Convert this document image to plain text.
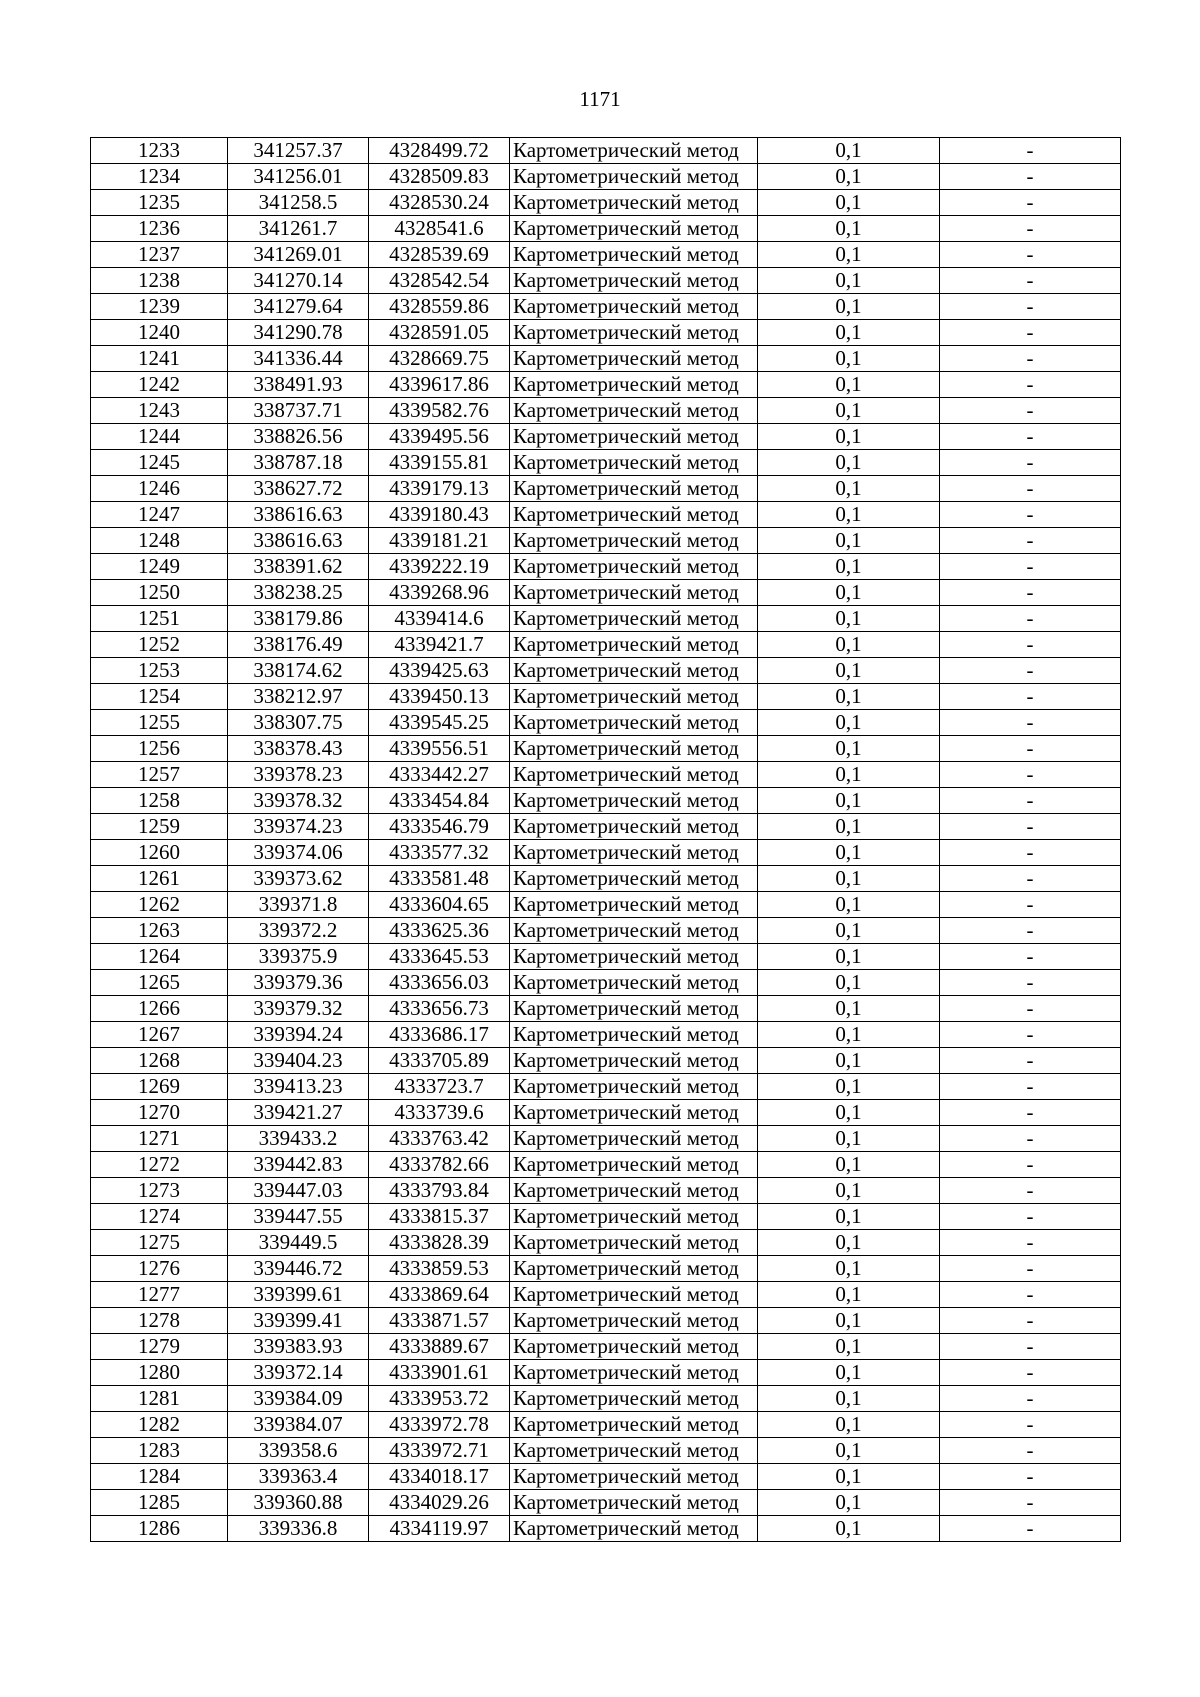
1171
1233	341257.37	4328499.72	Картометрический метод	0,1	-
1234	341256.01	4328509.83	Картометрический метод	0,1	-
1235	341258.5	4328530.24	Картометрический метод	0,1	-
1236	341261.7	4328541.6	Картометрический метод	0,1	-
1237	341269.01	4328539.69	Картометрический метод	0,1	-
1238	341270.14	4328542.54	Картометрический метод	0,1	-
1239	341279.64	4328559.86	Картометрический метод	0,1	-
1240	341290.78	4328591.05	Картометрический метод	0,1	-
1241	341336.44	4328669.75	Картометрический метод	0,1	-
1242	338491.93	4339617.86	Картометрический метод	0,1	-
1243	338737.71	4339582.76	Картометрический метод	0,1	-
1244	338826.56	4339495.56	Картометрический метод	0,1	-
1245	338787.18	4339155.81	Картометрический метод	0,1	-
1246	338627.72	4339179.13	Картометрический метод	0,1	-
1247	338616.63	4339180.43	Картометрический метод	0,1	-
1248	338616.63	4339181.21	Картометрический метод	0,1	-
1249	338391.62	4339222.19	Картометрический метод	0,1	-
1250	338238.25	4339268.96	Картометрический метод	0,1	-
1251	338179.86	4339414.6	Картометрический метод	0,1	-
1252	338176.49	4339421.7	Картометрический метод	0,1	-
1253	338174.62	4339425.63	Картометрический метод	0,1	-
1254	338212.97	4339450.13	Картометрический метод	0,1	-
1255	338307.75	4339545.25	Картометрический метод	0,1	-
1256	338378.43	4339556.51	Картометрический метод	0,1	-
1257	339378.23	4333442.27	Картометрический метод	0,1	-
1258	339378.32	4333454.84	Картометрический метод	0,1	-
1259	339374.23	4333546.79	Картометрический метод	0,1	-
1260	339374.06	4333577.32	Картометрический метод	0,1	-
1261	339373.62	4333581.48	Картометрический метод	0,1	-
1262	339371.8	4333604.65	Картометрический метод	0,1	-
1263	339372.2	4333625.36	Картометрический метод	0,1	-
1264	339375.9	4333645.53	Картометрический метод	0,1	-
1265	339379.36	4333656.03	Картометрический метод	0,1	-
1266	339379.32	4333656.73	Картометрический метод	0,1	-
1267	339394.24	4333686.17	Картометрический метод	0,1	-
1268	339404.23	4333705.89	Картометрический метод	0,1	-
1269	339413.23	4333723.7	Картометрический метод	0,1	-
1270	339421.27	4333739.6	Картометрический метод	0,1	-
1271	339433.2	4333763.42	Картометрический метод	0,1	-
1272	339442.83	4333782.66	Картометрический метод	0,1	-
1273	339447.03	4333793.84	Картометрический метод	0,1	-
1274	339447.55	4333815.37	Картометрический метод	0,1	-
1275	339449.5	4333828.39	Картометрический метод	0,1	-
1276	339446.72	4333859.53	Картометрический метод	0,1	-
1277	339399.61	4333869.64	Картометрический метод	0,1	-
1278	339399.41	4333871.57	Картометрический метод	0,1	-
1279	339383.93	4333889.67	Картометрический метод	0,1	-
1280	339372.14	4333901.61	Картометрический метод	0,1	-
1281	339384.09	4333953.72	Картометрический метод	0,1	-
1282	339384.07	4333972.78	Картометрический метод	0,1	-
1283	339358.6	4333972.71	Картометрический метод	0,1	-
1284	339363.4	4334018.17	Картометрический метод	0,1	-
1285	339360.88	4334029.26	Картометрический метод	0,1	-
1286	339336.8	4334119.97	Картометрический метод	0,1	-
